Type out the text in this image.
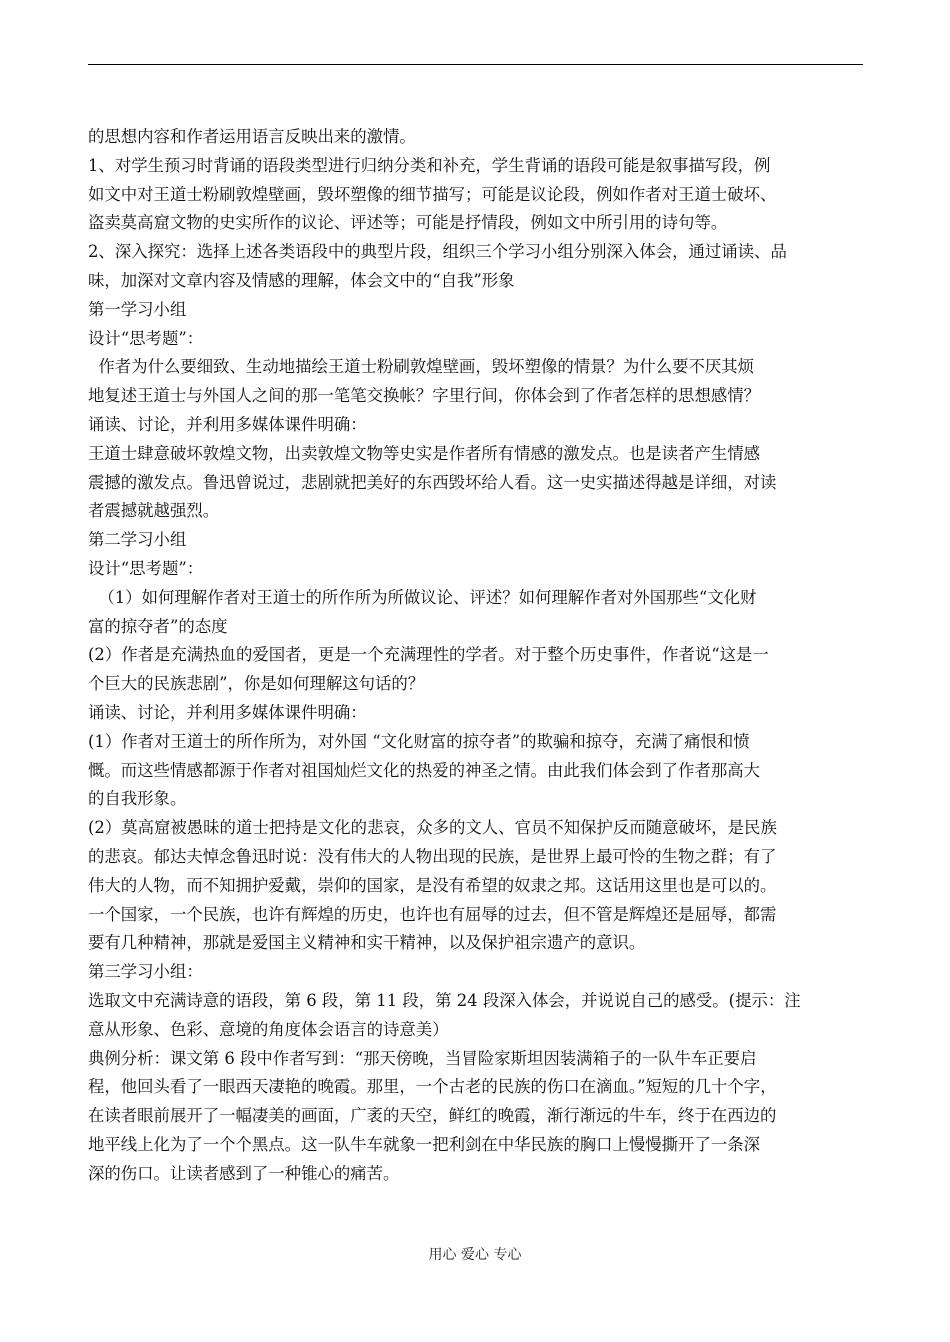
的思想内容和作者运用语言反映出来的激情。
1、对学生预习时背诵的语段类型进行归纳分类和补充，学生背诵的语段可能是叙事描写段，例
如文中对王道士粉刷敦煌壁画，毁坏塑像的细节描写；可能是议论段，例如作者对王道士破坏、
盗卖莫高窟文物的史实所作的议论、评述等；可能是抒情段，例如文中所引用的诗句等。
2、深入探究：选择上述各类语段中的典型片段，组织三个学习小组分别深入体会，通过诵读、品
味，加深对文章内容及情感的理解，体会文中的“自我”形象
第一学习小组
设计“思考题”：
作者为什么要细致、生动地描绘王道士粉刷敦煌壁画，毁坏塑像的情景？为什么要不厌其烦
地复述王道士与外国人之间的那一笔笔交换帐？字里行间，你体会到了作者怎样的思想感情？
诵读、讨论，并利用多媒体课件明确：
王道士肆意破坏敦煌文物，出卖敦煌文物等史实是作者所有情感的激发点。也是读者产生情感
震撼的激发点。鲁迅曾说过，悲剧就把美好的东西毁坏给人看。这一史实描述得越是详细，对读
者震撼就越强烈。
第二学习小组
设计“思考题”：
（1）如何理解作者对王道士的所作所为所做议论、评述？如何理解作者对外国那些“文化财
富的掠夺者”的态度
(2）作者是充满热血的爱国者，更是一个充满理性的学者。对于整个历史事件，作者说“这是一
个巨大的民族悲剧”，你是如何理解这句话的？
诵读、讨论，并利用多媒体课件明确：
(1）作者对王道士的所作所为，对外国 “文化财富的掠夺者”的欺骗和掠夺，充满了痛恨和愤
慨。而这些情感都源于作者对祖国灿烂文化的热爱的神圣之情。由此我们体会到了作者那高大
的自我形象。
(2）莫高窟被愚昧的道士把持是文化的悲哀，众多的文人、官员不知保护反而随意破坏，是民族
的悲哀。郁达夫悼念鲁迅时说：没有伟大的人物出现的民族，是世界上最可怜的生物之群；有了
伟大的人物，而不知拥护爱戴，崇仰的国家，是没有希望的奴隶之邦。这话用这里也是可以的。
一个国家，一个民族，也许有辉煌的历史，也许也有屈辱的过去，但不管是辉煌还是屈辱，都需
要有几种精神，那就是爱国主义精神和实干精神，以及保护祖宗遗产的意识。
第三学习小组：
选取文中充满诗意的语段，第 6 段，第 11 段，第 24 段深入体会，并说说自己的感受。(提示：注
意从形象、色彩、意境的角度体会语言的诗意美）
典例分析：课文第 6 段中作者写到：“那天傍晚，当冒险家斯坦因装满箱子的一队牛车正要启
程，他回头看了一眼西天凄艳的晚霞。那里，一个古老的民族的伤口在滴血。”短短的几十个字，
在读者眼前展开了一幅凄美的画面，广袤的天空，鲜红的晚霞，渐行渐远的牛车，终于在西边的
地平线上化为了一个个黑点。这一队牛车就象一把利剑在中华民族的胸口上慢慢撕开了一条深
深的伤口。让读者感到了一种锥心的痛苦。
用心 爱心 专心
